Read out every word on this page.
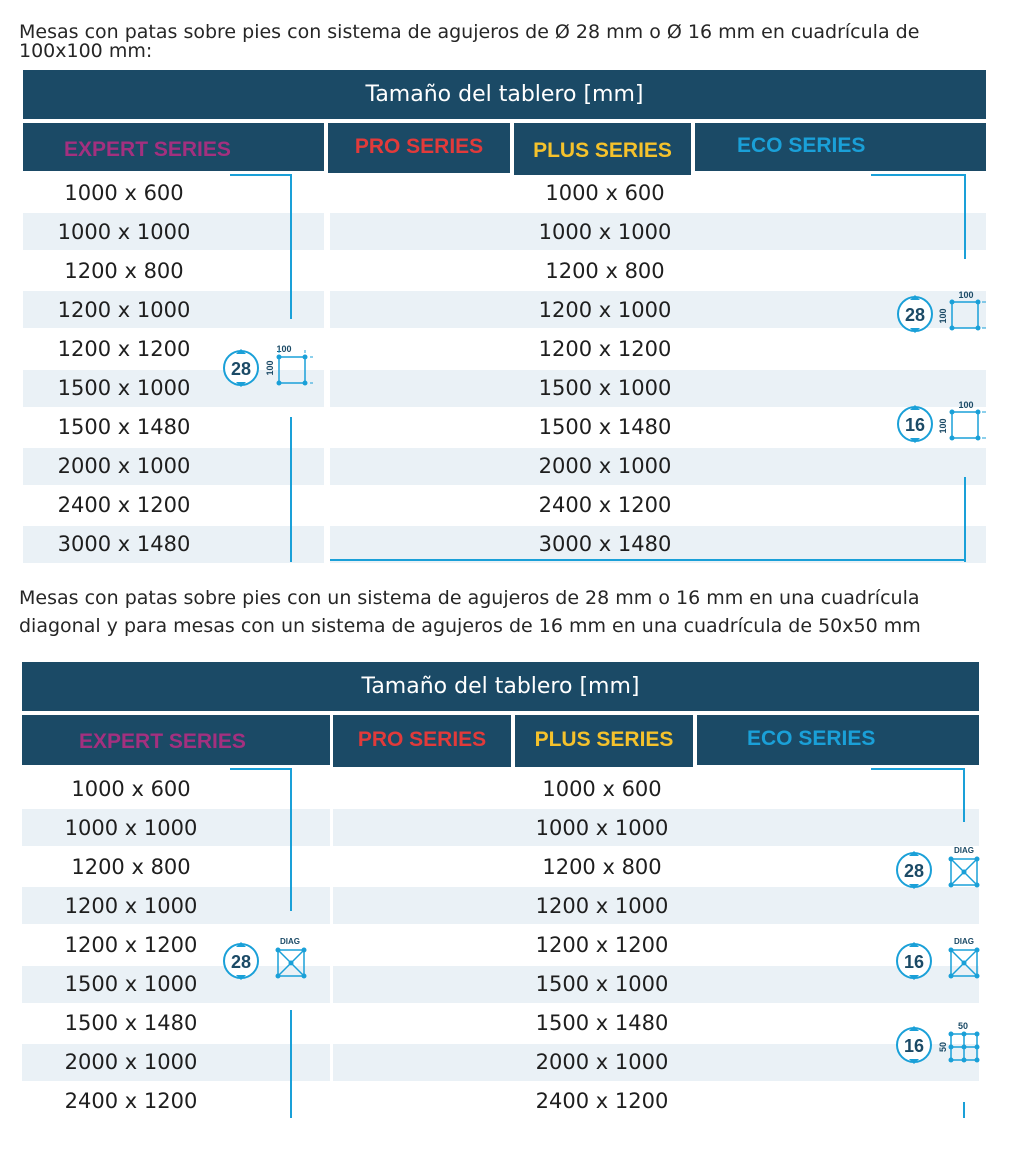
Mesas con patas sobre pies con sistema de agujeros de Ø 28 mm o Ø 16 mm en cuadrícula de
100x100 mm:

Tamaño del tablero [mm]
EXPERT SERIES	PRO SERIES PLUS SERIES	ECO SERIES
1000 x 600	1000 x 600
1000 x 1000	1000 x 1000
1200 x 800	1200 x 800
1200 x 1000	1200 x 1000
1200 x 1200	1200 x 1200
1500 x 1000	1500 x 1000
1500 x 1480	1500 x 1480
2000 x 1000	2000 x 1000
2400 x 1200	2400 x 1200
3000 x 1480	3000 x 1480
28
100
100
28
100
100
16
100
100

Mesas con patas sobre pies con un sistema de agujeros de 28 mm o 16 mm en una cuadrícula
diagonal y para mesas con un sistema de agujeros de 16 mm en una cuadrícula de 50x50 mm

Tamaño del tablero [mm]
EXPERT SERIES	PRO SERIES PLUS SERIES	ECO SERIES
1000 x 600	1000 x 600
1000 x 1000	1000 x 1000
1200 x 800	1200 x 800
1200 x 1000	1200 x 1000
1200 x 1200	1200 x 1200
1500 x 1000	1500 x 1000
1500 x 1480	1500 x 1480
2000 x 1000	2000 x 1000
2400 x 1200	2400 x 1200
28
DIAG
28
DIAG
16
DIAG
16
50
50
